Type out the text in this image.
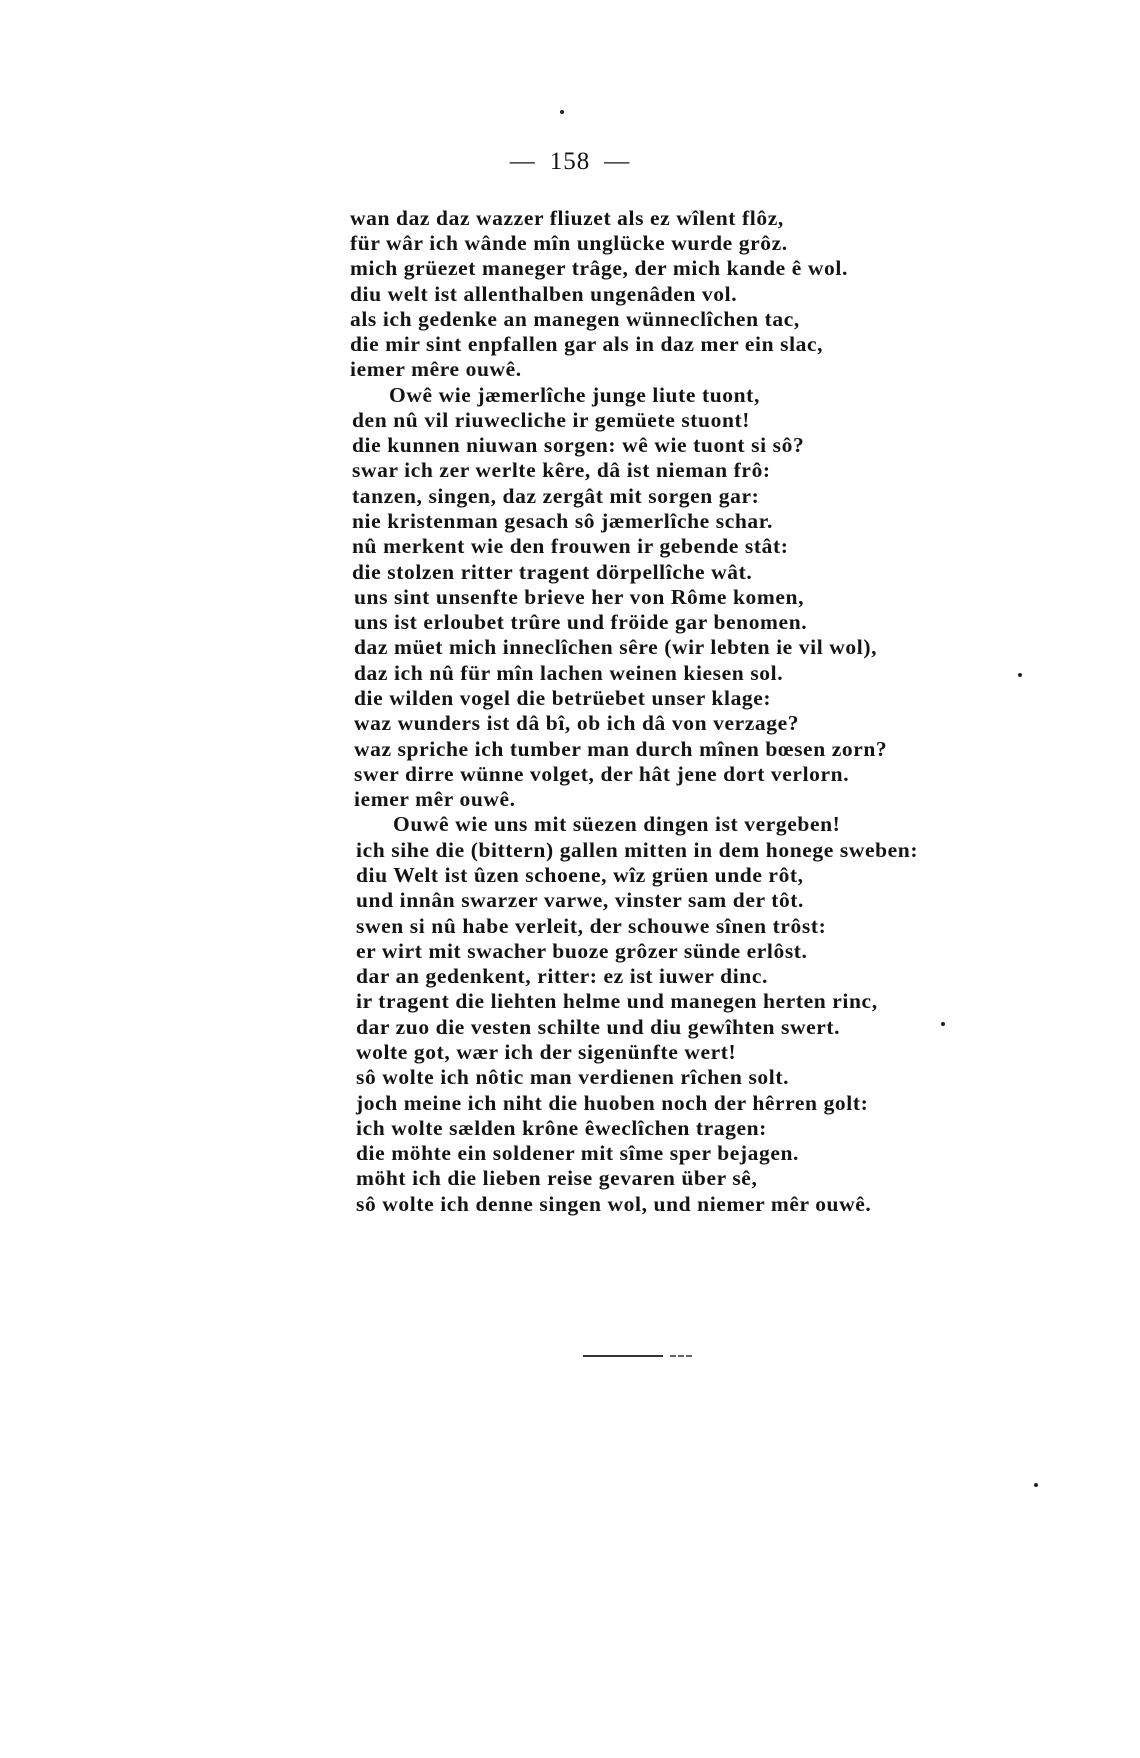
— 158 —
wan daz daz wazzer fliuzet als ez wîlent flôz,
für wâr ich wânde mîn unglücke wurde grôz.
mich grüezet maneger trâge, der mich kande ê wol.
diu welt ist allenthalben ungenâden vol.
als ich gedenke an manegen wünneclîchen tac,
die mir sint enpfallen gar als in daz mer ein slac,
iemer mêre ouwê.
Owê wie jæmerlîche junge liute tuont,
den nû vil riuwecliche ir gemüete stuont!
die kunnen niuwan sorgen: wê wie tuont si sô?
swar ich zer werlte kêre, dâ ist nieman frô:
tanzen, singen, daz zergât mit sorgen gar:
nie kristenman gesach sô jæmerlîche schar.
nû merkent wie den frouwen ir gebende stât:
die stolzen ritter tragent dörpellîche wât.
uns sint unsenfte brieve her von Rôme komen,
uns ist erloubet trûre und fröide gar benomen.
daz müet mich inneclîchen sêre (wir lebten ie vil wol),
daz ich nû für mîn lachen weinen kiesen sol.
die wilden vogel die betrüebet unser klage:
waz wunders ist dâ bî, ob ich dâ von verzage?
waz spriche ich tumber man durch mînen bœsen zorn?
swer dirre wünne volget, der hât jene dort verlorn.
iemer mêr ouwê.
Ouwê wie uns mit süezen dingen ist vergeben!
ich sihe die (bittern) gallen mitten in dem honege sweben:
diu Welt ist ûzen schoene, wîz grüen unde rôt,
und innân swarzer varwe, vinster sam der tôt.
swen si nû habe verleit, der schouwe sînen trôst:
er wirt mit swacher buoze grôzer sünde erlôst.
dar an gedenkent, ritter: ez ist iuwer dinc.
ir tragent die liehten helme und manegen herten rinc,
dar zuo die vesten schilte und diu gewîhten swert.
wolte got, wær ich der sigenünfte wert!
sô wolte ich nôtic man verdienen rîchen solt.
joch meine ich niht die huoben noch der hêrren golt:
ich wolte sælden krône êweclîchen tragen:
die möhte ein soldener mit sîme sper bejagen.
möht ich die lieben reise gevaren über sê,
sô wolte ich denne singen wol, und niemer mêr ouwê.
